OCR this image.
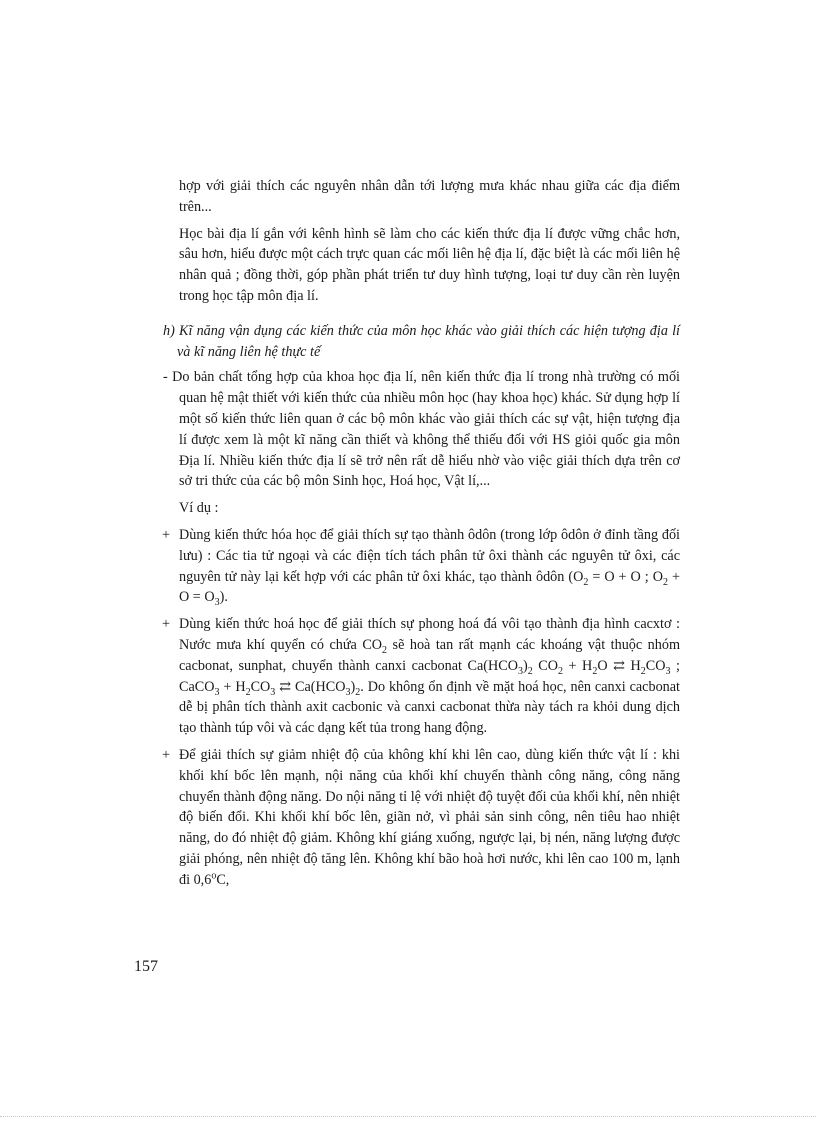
hợp với giải thích các nguyên nhân dẫn tới lượng mưa khác nhau giữa các địa điểm trên...

Học bài địa lí gắn với kênh hình sẽ làm cho các kiến thức địa lí được vững chắc hơn, sâu hơn, hiểu được một cách trực quan các mối liên hệ địa lí, đặc biệt là các mối liên hệ nhân quả ; đồng thời, góp phần phát triển tư duy hình tượng, loại tư duy cần rèn luyện trong học tập môn địa lí.

h) Kĩ năng vận dụng các kiến thức của môn học khác vào giải thích các hiện tượng địa lí và kĩ năng liên hệ thực tế

- Do bản chất tổng hợp của khoa học địa lí, nên kiến thức địa lí trong nhà trường có mối quan hệ mật thiết với kiến thức của nhiều môn học (hay khoa học) khác. Sử dụng hợp lí một số kiến thức liên quan ở các bộ môn khác vào giải thích các sự vật, hiện tượng địa lí được xem là một kĩ năng cần thiết và không thể thiếu đối với HS giỏi quốc gia môn Địa lí. Nhiều kiến thức địa lí sẽ trở nên rất dễ hiểu nhờ vào việc giải thích dựa trên cơ sở tri thức của các bộ môn Sinh học, Hoá học, Vật lí,...

Ví dụ :

+ Dùng kiến thức hóa học để giải thích sự tạo thành ôdôn (trong lớp ôdôn ở đỉnh tầng đối lưu) : Các tia tử ngoại và các điện tích tách phân tử ôxi thành các nguyên tử ôxi, các nguyên tử này lại kết hợp với các phân tử ôxi khác, tạo thành ôdôn ($O_2 = O + O$ ; $O_2 + O = O_3$).

+ Dùng kiến thức hoá học để giải thích sự phong hoá đá vôi tạo thành địa hình cacxtơ : Nước mưa khí quyển có chứa $CO_2$ sẽ hoà tan rất mạnh các khoáng vật thuộc nhóm cacbonat, sunphat, chuyển thành canxi cacbonat $Ca(HCO_3)_2$ $CO_2 + H_2O$ ⇄ $H_2CO_3$ ; CaCO$_3$ + $H_2CO_3$ ⇄ $Ca(HCO_3)_2$. Do không ổn định về mặt hoá học, nên canxi cacbonat dễ bị phân tích thành axit cacbonic và canxi cacbonat thừa này tách ra khỏi dung dịch tạo thành túp vôi và các dạng kết tủa trong hang động.

+ Để giải thích sự giảm nhiệt độ của không khí khi lên cao, dùng kiến thức vật lí : khi khối khí bốc lên mạnh, nội năng của khối khí chuyển thành công năng, công năng chuyển thành động năng. Do nội năng tỉ lệ với nhiệt độ tuyệt đối của khối khí, nên nhiệt độ biến đổi. Khi khối khí bốc lên, giãn nở, vì phải sản sinh công, nên tiêu hao nhiệt năng, do đó nhiệt độ giảm. Không khí giáng xuống, ngược lại, bị nén, năng lượng được giải phóng, nên nhiệt độ tăng lên. Không khí bão hoà hơi nước, khi lên cao 100 m, lạnh đi 0,6$^o$C,

157
